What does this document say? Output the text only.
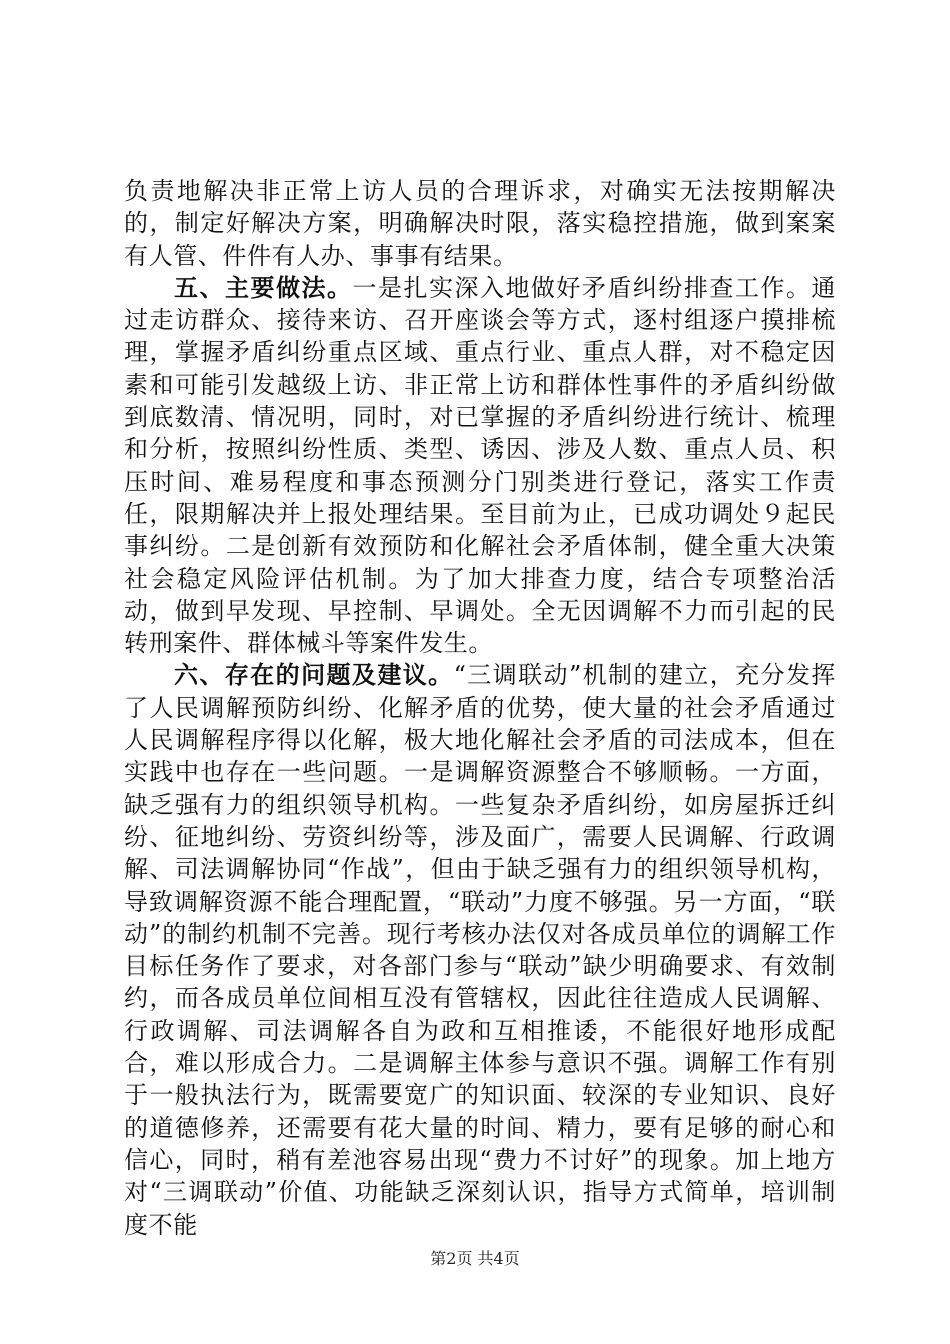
负责地解决非正常上访人员的合理诉求，对确实无法按期解决的，制定好解决方案，明确解决时限，落实稳控措施，做到案案有人管、件件有人办、事事有结果。

五、主要做法。一是扎实深入地做好矛盾纠纷排查工作。通过走访群众、接待来访、召开座谈会等方式，逐村组逐户摸排梳理，掌握矛盾纠纷重点区域、重点行业、重点人群，对不稳定因素和可能引发越级上访、非正常上访和群体性事件的矛盾纠纷做到底数清、情况明，同时，对已掌握的矛盾纠纷进行统计、梳理和分析，按照纠纷性质、类型、诱因、涉及人数、重点人员、积压时间、难易程度和事态预测分门别类进行登记，落实工作责任，限期解决并上报处理结果。至目前为止，已成功调处９起民事纠纷。二是创新有效预防和化解社会矛盾体制，健全重大决策社会稳定风险评估机制。为了加大排查力度，结合专项整治活动，做到早发现、早控制、早调处。全无因调解不力而引起的民转刑案件、群体械斗等案件发生。

六、存在的问题及建议。“三调联动”机制的建立，充分发挥了人民调解预防纠纷、化解矛盾的优势，使大量的社会矛盾通过人民调解程序得以化解，极大地化解社会矛盾的司法成本，但在实践中也存在一些问题。一是调解资源整合不够顺畅。一方面，缺乏强有力的组织领导机构。一些复杂矛盾纠纷，如房屋拆迁纠纷、征地纠纷、劳资纠纷等，涉及面广，需要人民调解、行政调解、司法调解协同“作战”，但由于缺乏强有力的组织领导机构，导致调解资源不能合理配置，“联动”力度不够强。另一方面，“联动”的制约机制不完善。现行考核办法仅对各成员单位的调解工作目标任务作了要求，对各部门参与“联动”缺少明确要求、有效制约，而各成员单位间相互没有管辖权，因此往往造成人民调解、行政调解、司法调解各自为政和互相推诿，不能很好地形成配合，难以形成合力。二是调解主体参与意识不强。调解工作有别于一般执法行为，既需要宽广的知识面、较深的专业知识、良好的道德修养，还需要有花大量的时间、精力，要有足够的耐心和信心，同时，稍有差池容易出现“费力不讨好”的现象。加上地方对“三调联动”价值、功能缺乏深刻认识，指导方式简单，培训制度不能

第2页 共4页
